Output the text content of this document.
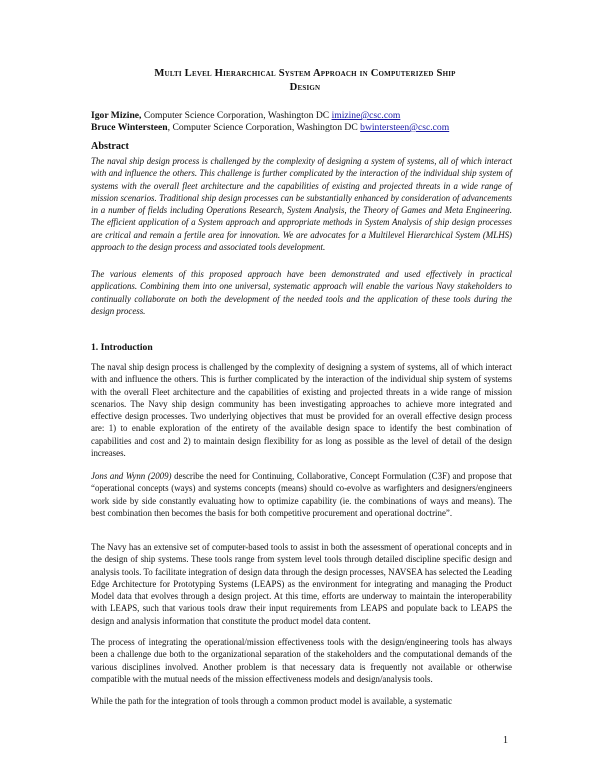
Multi Level Hierarchical System Approach in Computerized Ship
Design
Igor Mizine, Computer Science Corporation, Washington DC imizine@csc.com
Bruce Wintersteen, Computer Science Corporation, Washington DC bwintersteen@csc.com
Abstract
The naval ship design process is challenged by the complexity of designing a system of systems, all of which interact with and influence the others. This challenge is further complicated by the interaction of the individual ship system of systems with the overall fleet architecture and the capabilities of existing and projected threats in a wide range of mission scenarios. Traditional ship design processes can be substantially enhanced by consideration of advancements in a number of fields including Operations Research, System Analysis, the Theory of Games and Meta Engineering. The efficient application of a System approach and appropriate methods in System Analysis of ship design processes are critical and remain a fertile area for innovation. We are advocates for a Multilevel Hierarchical System (MLHS) approach to the design process and associated tools development.
The various elements of this proposed approach have been demonstrated and used effectively in practical applications. Combining them into one universal, systematic approach will enable the various Navy stakeholders to continually collaborate on both the development of the needed tools and the application of these tools during the design process.
1. Introduction
The naval ship design process is challenged by the complexity of designing a system of systems, all of which interact with and influence the others. This is further complicated by the interaction of the individual ship system of systems with the overall Fleet architecture and the capabilities of existing and projected threats in a wide range of mission scenarios. The Navy ship design community has been investigating approaches to achieve more integrated and effective design processes. Two underlying objectives that must be provided for an overall effective design process are: 1) to enable exploration of the entirety of the available design space to identify the best combination of capabilities and cost and 2) to maintain design flexibility for as long as possible as the level of detail of the design increases.
Jons and Wynn (2009) describe the need for Continuing, Collaborative, Concept Formulation (C3F) and propose that “operational concepts (ways) and systems concepts (means) should co-evolve as warfighters and designers/engineers work side by side constantly evaluating how to optimize capability (ie. the combinations of ways and means). The best combination then becomes the basis for both competitive procurement and operational doctrine”.
The Navy has an extensive set of computer-based tools to assist in both the assessment of operational concepts and in the design of ship systems. These tools range from system level tools through detailed discipline specific design and analysis tools. To facilitate integration of design data through the design processes, NAVSEA has selected the Leading Edge Architecture for Prototyping Systems (LEAPS) as the environment for integrating and managing the Product Model data that evolves through a design project. At this time, efforts are underway to maintain the interoperability with LEAPS, such that various tools draw their input requirements from LEAPS and populate back to LEAPS the design and analysis information that constitute the product model data content.
The process of integrating the operational/mission effectiveness tools with the design/engineering tools has always been a challenge due both to the organizational separation of the stakeholders and the computational demands of the various disciplines involved. Another problem is that necessary data is frequently not available or otherwise compatible with the mutual needs of the mission effectiveness models and design/analysis tools.
While the path for the integration of tools through a common product model is available, a systematic
1
